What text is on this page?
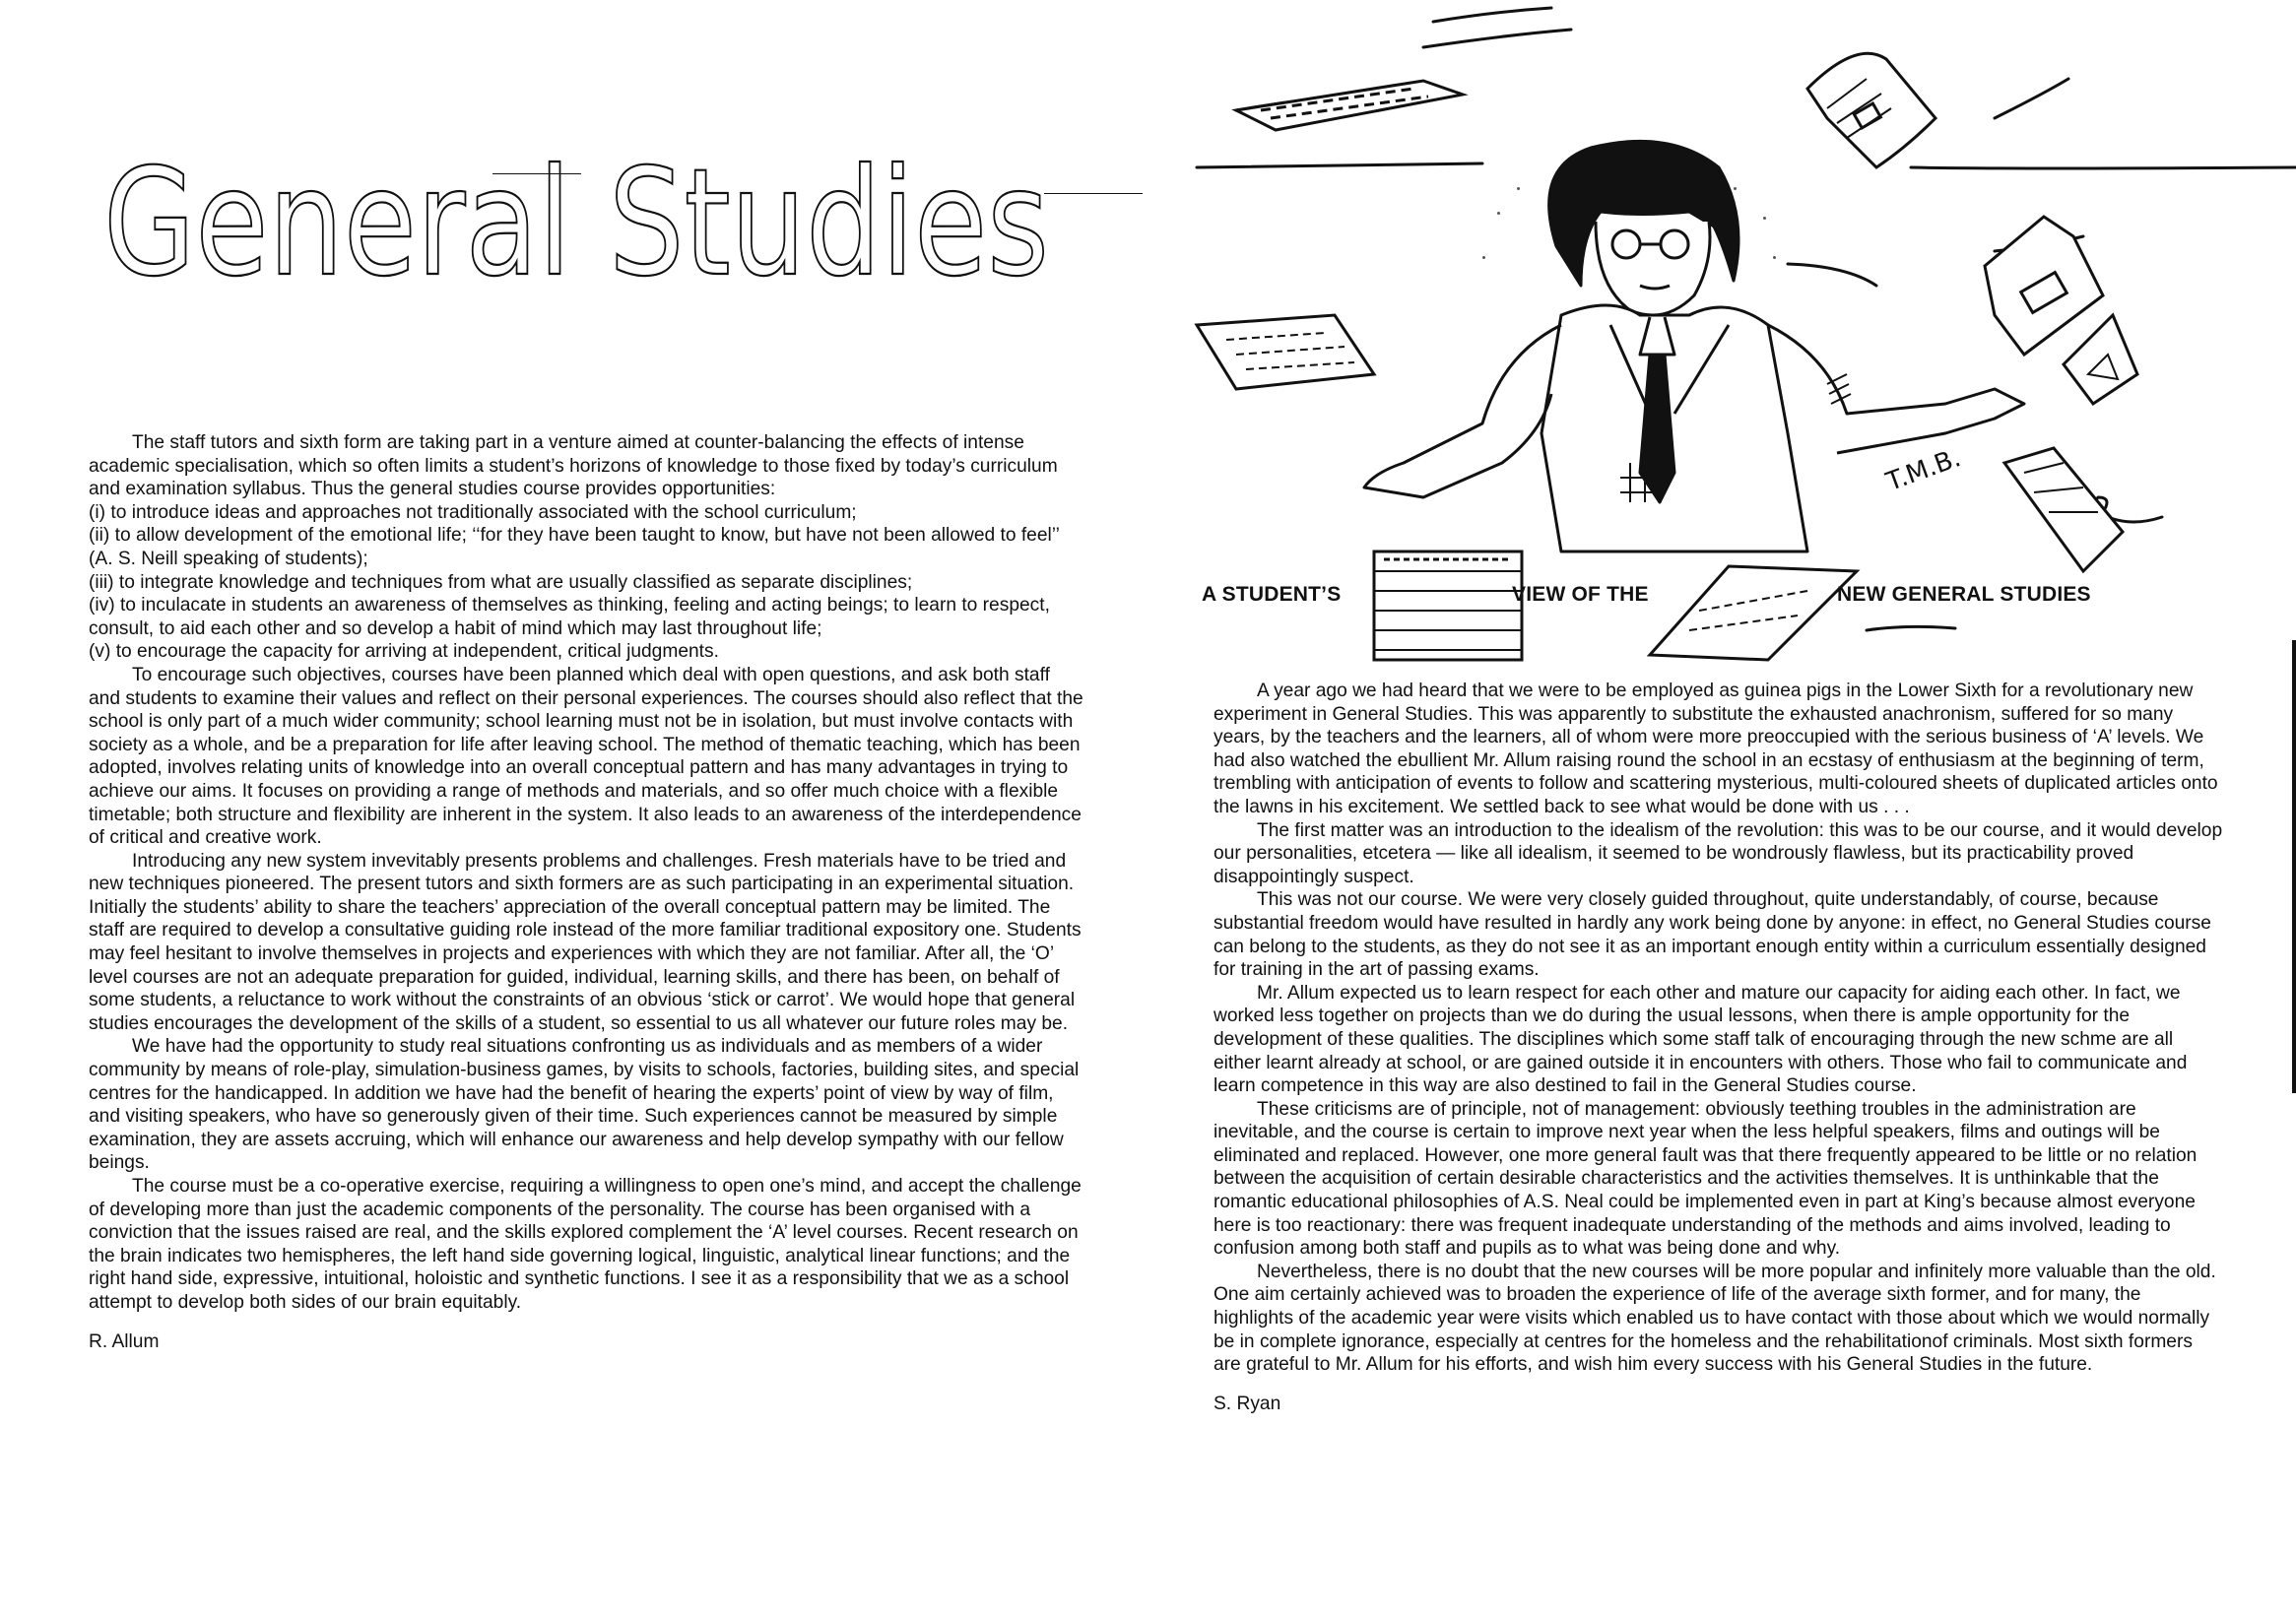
General Studies

The staff tutors and sixth form are taking part in a venture aimed at counter-balancing the effects of intense academic specialisation, which so often limits a student’s horizons of knowledge to those fixed by today’s curriculum and examination syllabus. Thus the general studies course provides opportunities:

(i) to introduce ideas and approaches not traditionally associated with the school curriculum;

(ii) to allow development of the emotional life; ‘‘for they have been taught to know, but have not been allowed to feel’’ (A. S. Neill speaking of students);

(iii) to integrate knowledge and techniques from what are usually classified as separate disciplines;

(iv) to inculacate in students an awareness of themselves as thinking, feeling and acting beings; to learn to respect, consult, to aid each other and so develop a habit of mind which may last throughout life;

(v) to encourage the capacity for arriving at independent, critical judgments.

To encourage such objectives, courses have been planned which deal with open questions, and ask both staff and students to examine their values and reflect on their personal experiences. The courses should also reflect that the school is only part of a much wider community; school learning must not be in isolation, but must involve contacts with society as a whole, and be a preparation for life after leaving school. The method of thematic teaching, which has been adopted, involves relating units of knowledge into an overall conceptual pattern and has many advantages in trying to achieve our aims. It focuses on providing a range of methods and materials, and so offer much choice with a flexible timetable; both structure and flexibility are inherent in the system. It also leads to an awareness of the interdependence of critical and creative work.

Introducing any new system invevitably presents problems and challenges. Fresh materials have to be tried and new techniques pioneered. The present tutors and sixth formers are as such participating in an experimental situation. Initially the students’ ability to share the teachers’ appreciation of the overall conceptual pattern may be limited. The staff are required to develop a consultative guiding role instead of the more familiar traditional expository one. Students may feel hesitant to involve themselves in projects and experiences with which they are not familiar. After all, the ‘O’ level courses are not an adequate preparation for guided, individual, learning skills, and there has been, on behalf of some students, a reluctance to work without the constraints of an obvious ‘stick or carrot’. We would hope that general studies encourages the development of the skills of a student, so essential to us all whatever our future roles may be.

We have had the opportunity to study real situations confronting us as individuals and as members of a wider community by means of role-play, simulation-business games, by visits to schools, factories, building sites, and special centres for the handicapped. In addition we have had the benefit of hearing the experts’ point of view by way of film, and visiting speakers, who have so generously given of their time. Such experiences cannot be measured by simple examination, they are assets accruing, which will enhance our awareness and help develop sympathy with our fellow beings.

The course must be a co-operative exercise, requiring a willingness to open one’s mind, and accept the challenge of developing more than just the academic components of the personality. The course has been organised with a conviction that the issues raised are real, and the skills explored complement the ‘A’ level courses. Recent research on the brain indicates two hemispheres, the left hand side governing logical, linguistic, analytical linear functions; and the right hand side, expressive, intuitional, holoistic and synthetic functions. I see it as a responsibility that we as a school attempt to develop both sides of our brain equitably.

R. Allum

T.M.B.
A STUDENT’S	VIEW OF THE	NEW GENERAL STUDIES

A year ago we had heard that we were to be employed as guinea pigs in the Lower Sixth for a revolutionary new experiment in General Studies. This was apparently to substitute the exhausted anachronism, suffered for so many years, by the teachers and the learners, all of whom were more preoccupied with the serious business of ‘A’ levels. We had also watched the ebullient Mr. Allum raising round the school in an ecstasy of enthusiasm at the beginning of term, trembling with anticipation of events to follow and scattering mysterious, multi-coloured sheets of duplicated articles onto the lawns in his excitement. We settled back to see what would be done with us . . .

The first matter was an introduction to the idealism of the revolution: this was to be our course, and it would develop our personalities, etcetera — like all idealism, it seemed to be wondrously flawless, but its practicability proved disappointingly suspect.

This was not our course. We were very closely guided throughout, quite understandably, of course, because substantial freedom would have resulted in hardly any work being done by anyone: in effect, no General Studies course can belong to the students, as they do not see it as an important enough entity within a curriculum essentially designed for training in the art of passing exams.

Mr. Allum expected us to learn respect for each other and mature our capacity for aiding each other. In fact, we worked less together on projects than we do during the usual lessons, when there is ample opportunity for the development of these qualities. The disciplines which some staff talk of encouraging through the new schme are all either learnt already at school, or are gained outside it in encounters with others. Those who fail to communicate and learn competence in this way are also destined to fail in the General Studies course.

These criticisms are of principle, not of management: obviously teething troubles in the administration are inevitable, and the course is certain to improve next year when the less helpful speakers, films and outings will be eliminated and replaced. However, one more general fault was that there frequently appeared to be little or no relation between the acquisition of certain desirable characteristics and the activities themselves. It is unthinkable that the romantic educational philosophies of A.S. Neal could be implemented even in part at King’s because almost everyone here is too reactionary: there was frequent inadequate understanding of the methods and aims involved, leading to confusion among both staff and pupils as to what was being done and why.

Nevertheless, there is no doubt that the new courses will be more popular and infinitely more valuable than the old. One aim certainly achieved was to broaden the experience of life of the average sixth former, and for many, the highlights of the academic year were visits which enabled us to have contact with those about which we would normally be in complete ignorance, especially at centres for the homeless and the rehabilitationof criminals. Most sixth formers are grateful to Mr. Allum for his efforts, and wish him every success with his General Studies in the future.

S. Ryan
